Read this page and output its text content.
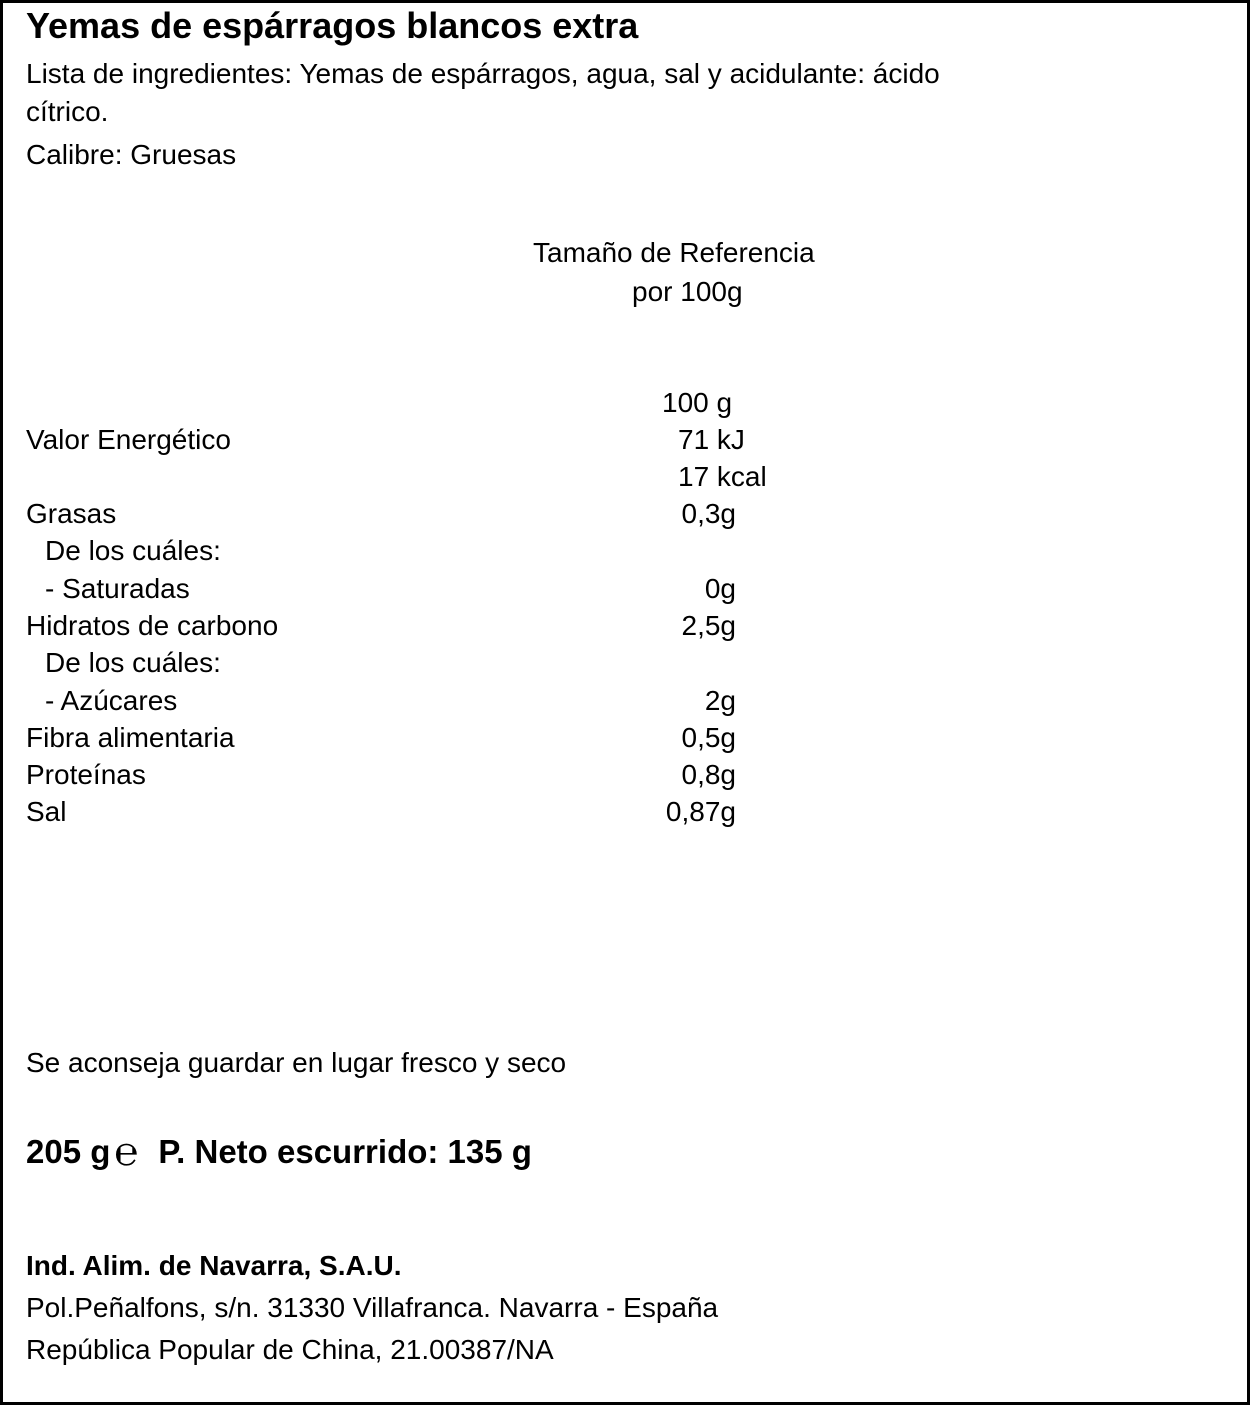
Yemas de espárragos blancos extra
Lista de ingredientes: Yemas de espárragos, agua, sal y acidulante: ácido
cítrico.
Calibre: Gruesas
Tamaño de Referencia
por 100g
100 g
Valor Energético	71 kJ
17 kcal
Grasas	0,3g
De los cuáles:
- Saturadas	0g
Hidratos de carbono	2,5g
De los cuáles:
- Azúcares	2g
Fibra alimentaria	0,5g
Proteínas	0,8g
Sal	0,87g
Se aconseja guardar en lugar fresco y seco
205 g ℮ P. Neto escurrido: 135 g
Ind. Alim. de Navarra, S.A.U.
Pol.Peñalfons, s/n. 31330 Villafranca. Navarra - España
República Popular de China, 21.00387/NA
